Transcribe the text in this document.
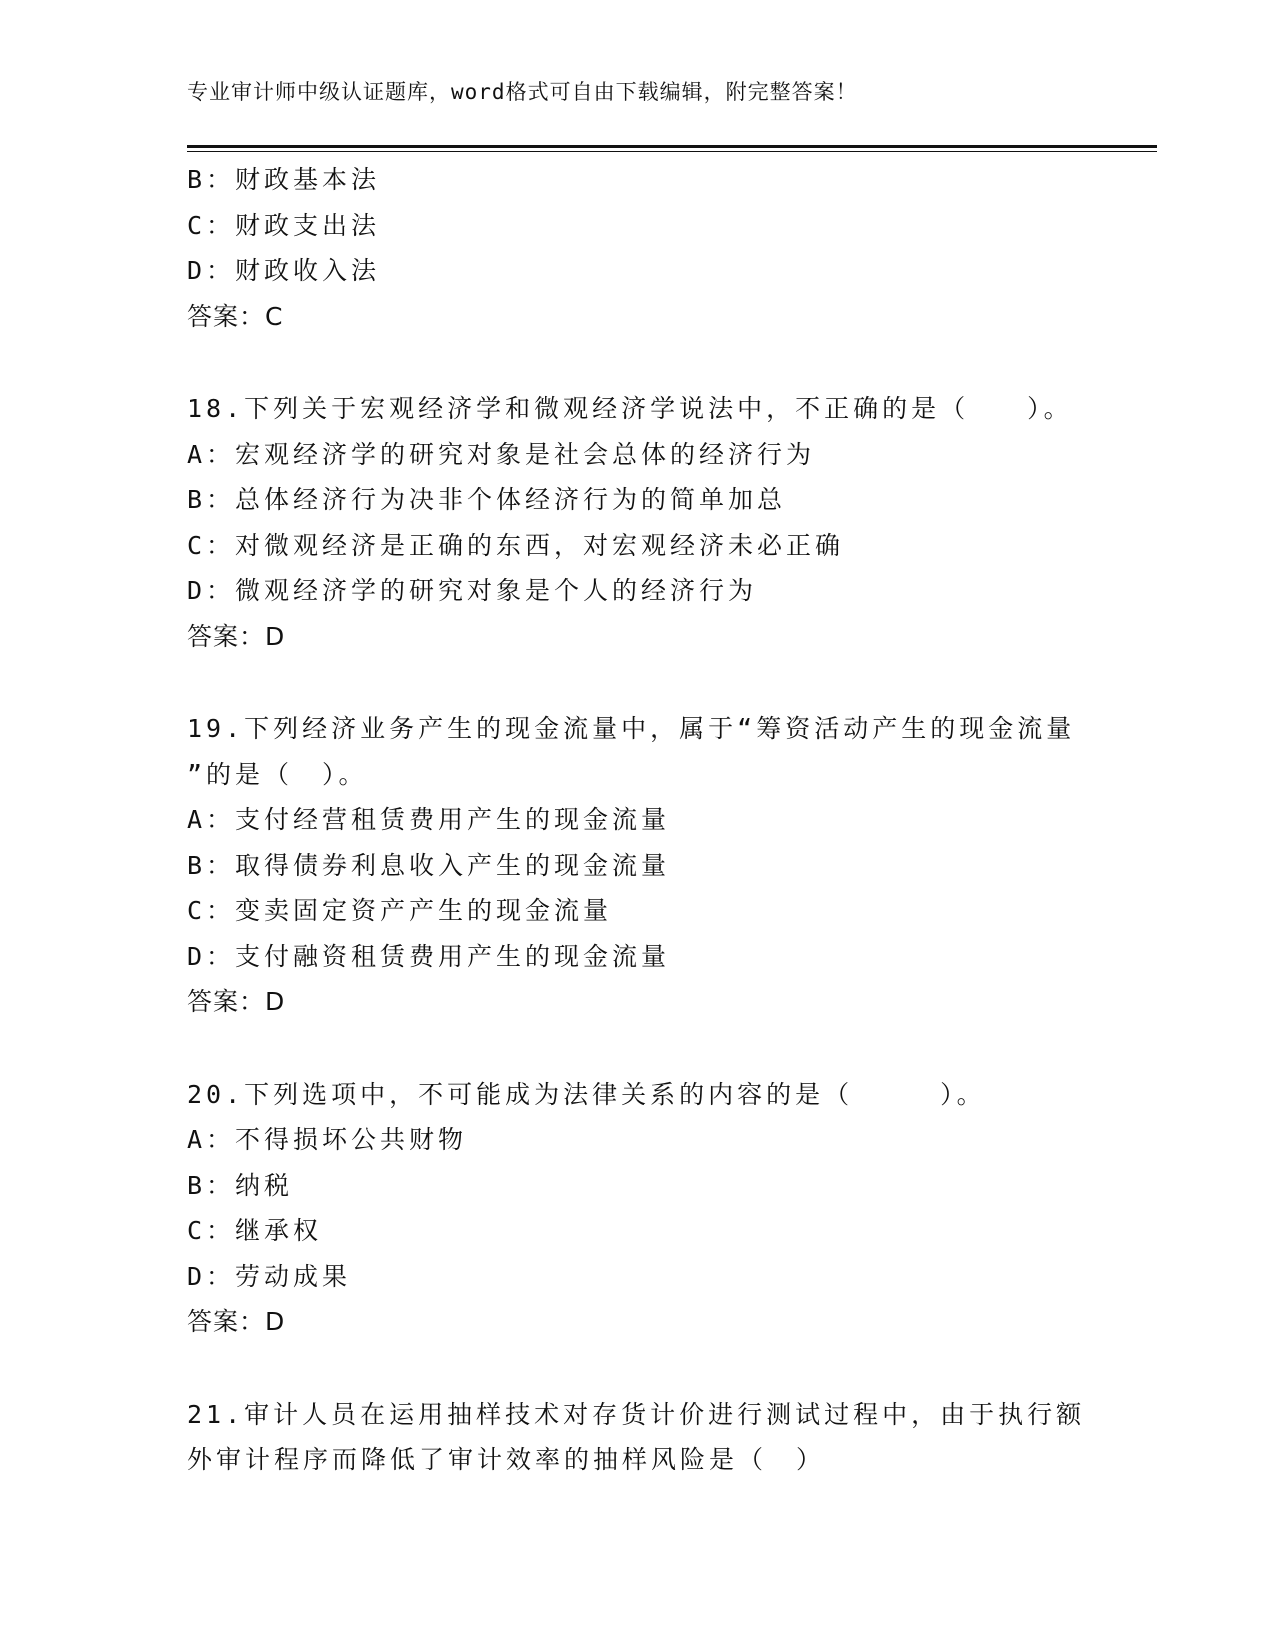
专业审计师中级认证题库，word格式可自由下载编辑，附完整答案！
B：财政基本法
C：财政支出法
D：财政收入法
答案：C
18.下列关于宏观经济学和微观经济学说法中，不正确的是（　　）。
A：宏观经济学的研究对象是社会总体的经济行为
B：总体经济行为决非个体经济行为的简单加总
C：对微观经济是正确的东西，对宏观经济未必正确
D：微观经济学的研究对象是个人的经济行为
答案：D
19.下列经济业务产生的现金流量中，属于“筹资活动产生的现金流量
”的是（　）。
A：支付经营租赁费用产生的现金流量
B：取得债券利息收入产生的现金流量
C：变卖固定资产产生的现金流量
D：支付融资租赁费用产生的现金流量
答案：D
20.下列选项中，不可能成为法律关系的内容的是（　　　）。
A：不得损坏公共财物
B：纳税
C：继承权
D：劳动成果
答案：D
21.审计人员在运用抽样技术对存货计价进行测试过程中，由于执行额
外审计程序而降低了审计效率的抽样风险是（　）
